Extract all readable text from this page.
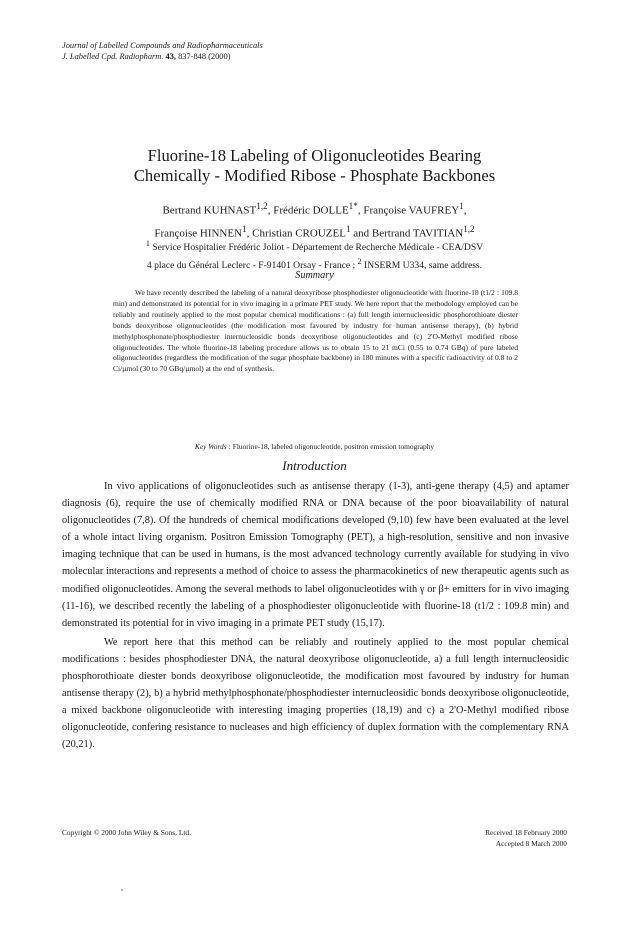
Journal of Labelled Compounds and Radiopharmaceuticals
J. Labelled Cpd. Radiopharm. 43, 837-848 (2000)
Fluorine-18 Labeling of Oligonucleotides Bearing
Chemically - Modified Ribose - Phosphate Backbones
Bertrand KUHNAST$^{1,2}$, Frédéric $DOLLE^{1*}$, Françoise VAUFREY$^1$,
Françoise HINNEN$^1$, Christian CROUZEL$^1$ and Bertrand TAVITIAN$^{1,2}$
$^1$ Service Hospitalier Frédéric Joliot - Département de Recherche Médicale - CEA/DSV
4 place du Général Leclerc - F-91401 Orsay - France ; $^2$ INSERM U334, same address.
Summary

We have recently described the labeling of a natural deoxyribose phosphodiester oligonucleotide with fluorine-18 (t1/2 : 109.8 min) and demonstrated its potential for in vivo imaging in a primate PET study. We here report that the methodology employed can be reliably and routinely applied to the most popular chemical modifications : (a) full length internucleosidic phosphorothioate diester bonds deoxyribose oligonucleotides (the modification most favoured by industry for human antisense therapy), (b) hybrid methylphosphonate/phosphodiester internucleosidic bonds deoxyribose oligonucleotides and (c) 2'O-Methyl modified ribose oligonucleotides. The whole fluorine-18 labeling procedure allows us to obtain 15 to 21 mCi (0.55 to 0.74 GBq) of pure labeled oligonucleotides (regardless the modification of the sugar phosphate backbone) in 180 minutes with a specific radioactivity of 0.8 to 2 Ci/µmol (30 to 70 GBq/µmol) at the end of synthesis.

Key Words : Fluorine-18, labeled oligonucleotide, positron emission tomography
Introduction

In vivo applications of oligonucleotides such as antisense therapy (1-3), anti-gene therapy (4,5) and aptamer diagnosis (6), require the use of chemically modified RNA or DNA because of the poor bioavailability of natural oligonucleotides (7,8). Of the hundreds of chemical modifications developed (9,10) few have been evaluated at the level of a whole intact living organism. Positron Emission Tomography (PET), a high-resolution, sensitive and non invasive imaging technique that can be used in humans, is the most advanced technology currently available for studying in vivo molecular interactions and represents a method of choice to assess the pharmacokinetics of new therapeutic agents such as modified oligonucleotides. Among the several methods to label oligonucleotides with γ or β+ emitters for in vivo imaging (11-16), we described recently the labeling of a phosphodiester oligonucleotide with fluorine-18 (t1/2 : 109.8 min) and demonstrated its potential for in vivo imaging in a primate PET study (15,17).

We report here that this method can be reliably and routinely applied to the most popular chemical modifications : besides phosphodiester DNA, the natural deoxyribose oligonucleotide, a) a full length internucleosidic phosphorothioate diester bonds deoxyribose oligonucleotide, the modification most favoured by industry for human antisense therapy (2), b) a hybrid methylphosphonate/phosphodiester internucleosidic bonds deoxyribose oligonucleotide, a mixed backbone oligonucleotide with interesting imaging properties (18,19) and c) a 2'O-Methyl modified ribose oligonucleotide, confering resistance to nucleases and high efficiency of duplex formation with the complementary RNA (20,21).

Copyright © 2000 John Wiley & Sons, Ltd.	Received 18 February 2000
Accepted 8 March 2000
